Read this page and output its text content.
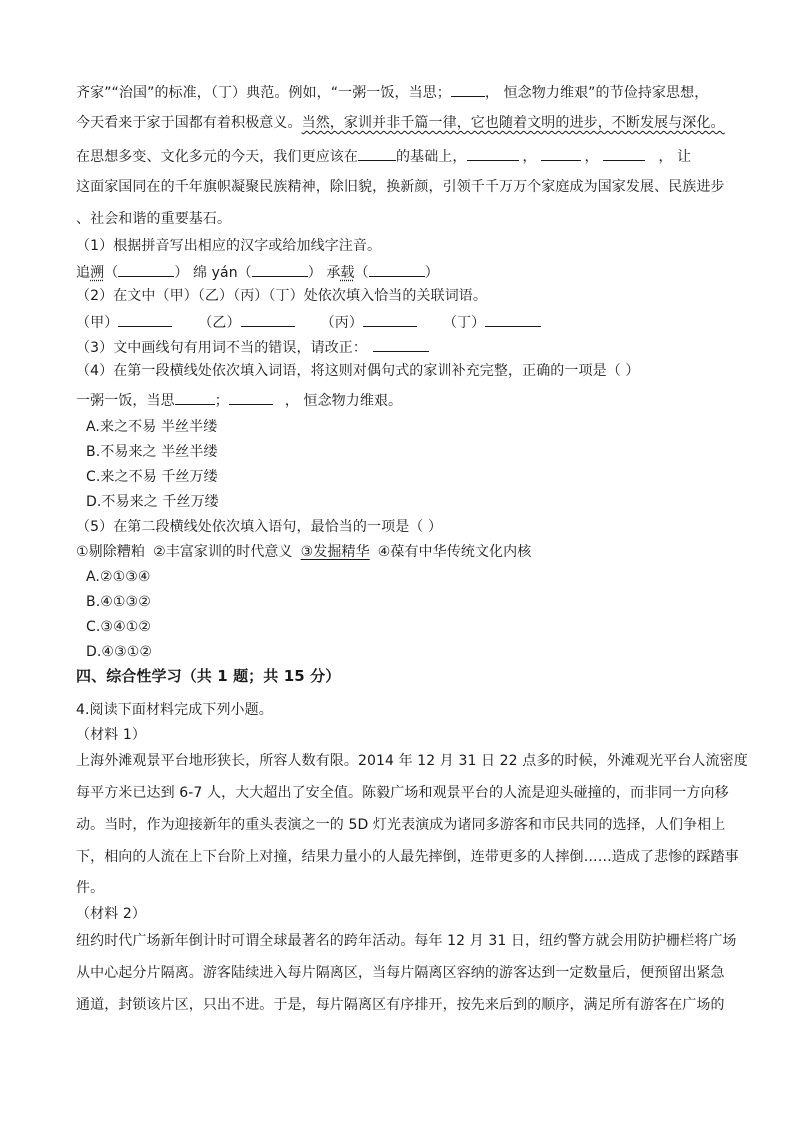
齐家”“治国”的标准，（丁）典范。例如，“一粥一饭，当思； ， 恒念物力维艰”的节俭持家思想，
今天看来于家于国都有着积极意义。当然，家训并非千篇一律，它也随着文明的进步，不断发展与深化。
在思想多变、文化多元的今天，我们更应该在	的基础上，	，	，	， 让
这面家国同在的千年旗帜凝聚民族精神，除旧貌，换新颜，引领千千万万个家庭成为国家发展、民族进步
、社会和谐的重要基石。
（1）根据拼音写出相应的汉字或给加线字注音。
追溯（	） 绵 yán（	） 承载（	）
（2）在文中（甲）（乙）（丙）（丁）处依次填入恰当的关联词语。
（甲）	（乙）	（丙）	（丁）
（3）文中画线句有用词不当的错误，请改正：
（4）在第一段横线处依次填入词语，将这则对偶句式的家训补充完整，正确的一项是（ ）
一粥一饭，当思	；	， 恒念物力维艰。
A.来之不易 半丝半缕
B.不易来之 半丝半缕
C.来之不易 千丝万缕
D.不易来之 千丝万缕
（5）在第二段横线处依次填入语句，最恰当的一项是（ ）
①剔除糟粕 ②丰富家训的时代意义 ③发掘精华 ④葆有中华传统文化内核
A.②①③④
B.④①③②
C.③④①②
D.④③①②
四、综合性学习（共 1 题；共 15 分）
4.阅读下面材料完成下列小题。
（材料 1）
上海外滩观景平台地形狭长，所容人数有限。2014 年 12 月 31 日 22 点多的时候，外滩观光平台人流密度
每平方米已达到 6-7 人，大大超出了安全值。陈毅广场和观景平台的人流是迎头碰撞的，而非同一方向移
动。当时，作为迎接新年的重头表演之一的 5D 灯光表演成为诸同多游客和市民共同的选择，人们争相上
下，相向的人流在上下台阶上对撞，结果力量小的人最先摔倒，连带更多的人摔倒……造成了悲惨的踩踏事
件。
（材料 2）
纽约时代广场新年倒计时可谓全球最著名的跨年活动。每年 12 月 31 日，纽约警方就会用防护栅栏将广场
从中心起分片隔离。游客陆续进入每片隔离区，当每片隔离区容纳的游客达到一定数量后，便预留出紧急
通道，封锁该片区，只出不进。于是，每片隔离区有序排开，按先来后到的顺序，满足所有游客在广场的
